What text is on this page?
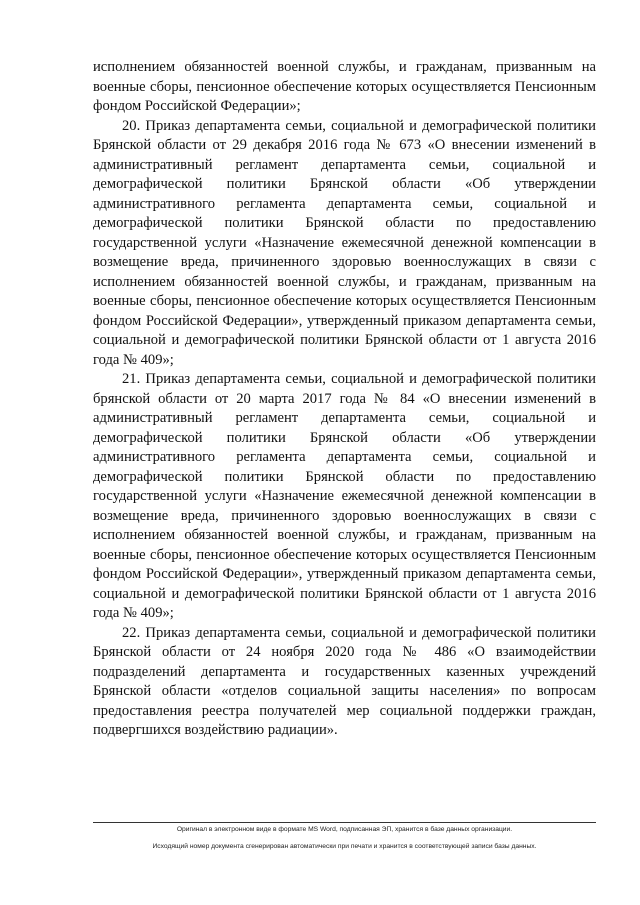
исполнением обязанностей военной службы, и гражданам, призванным на военные сборы, пенсионное обеспечение которых осуществляется Пенсионным фондом Российской Федерации»;

20. Приказ департамента семьи, социальной и демографической политики Брянской области от 29 декабря 2016 года № 673 «О внесении изменений в административный регламент департамента семьи, социальной и демографической политики Брянской области «Об утверждении административного регламента департамента семьи, социальной и демографической политики Брянской области по предоставлению государственной услуги «Назначение ежемесячной денежной компенсации в возмещение вреда, причиненного здоровью военнослужащих в связи с исполнением обязанностей военной службы, и гражданам, призванным на военные сборы, пенсионное обеспечение которых осуществляется Пенсионным фондом Российской Федерации», утвержденный приказом департамента семьи, социальной и демографической политики Брянской области от 1 августа 2016 года № 409»;

21. Приказ департамента семьи, социальной и демографической политики брянской области от 20 марта 2017 года № 84 «О внесении изменений в административный регламент департамента семьи, социальной и демографической политики Брянской области «Об утверждении административного регламента департамента семьи, социальной и демографической политики Брянской области по предоставлению государственной услуги «Назначение ежемесячной денежной компенсации в возмещение вреда, причиненного здоровью военнослужащих в связи с исполнением обязанностей военной службы, и гражданам, призванным на военные сборы, пенсионное обеспечение которых осуществляется Пенсионным фондом Российской Федерации», утвержденный приказом департамента семьи, социальной и демографической политики Брянской области от 1 августа 2016 года № 409»;

22. Приказ департамента семьи, социальной и демографической политики Брянской области от 24 ноября 2020 года № 486 «О взаимодействии подразделений департамента и государственных казенных учреждений Брянской области «отделов социальной защиты населения» по вопросам предоставления реестра получателей мер социальной поддержки граждан, подвергшихся воздействию радиации».

Оригинал в электронном виде в формате MS Word, подписанная ЭП, хранится в базе данных организации.
Исходящий номер документа сгенерирован автоматически при печати и хранится в соответствующей записи базы данных.
